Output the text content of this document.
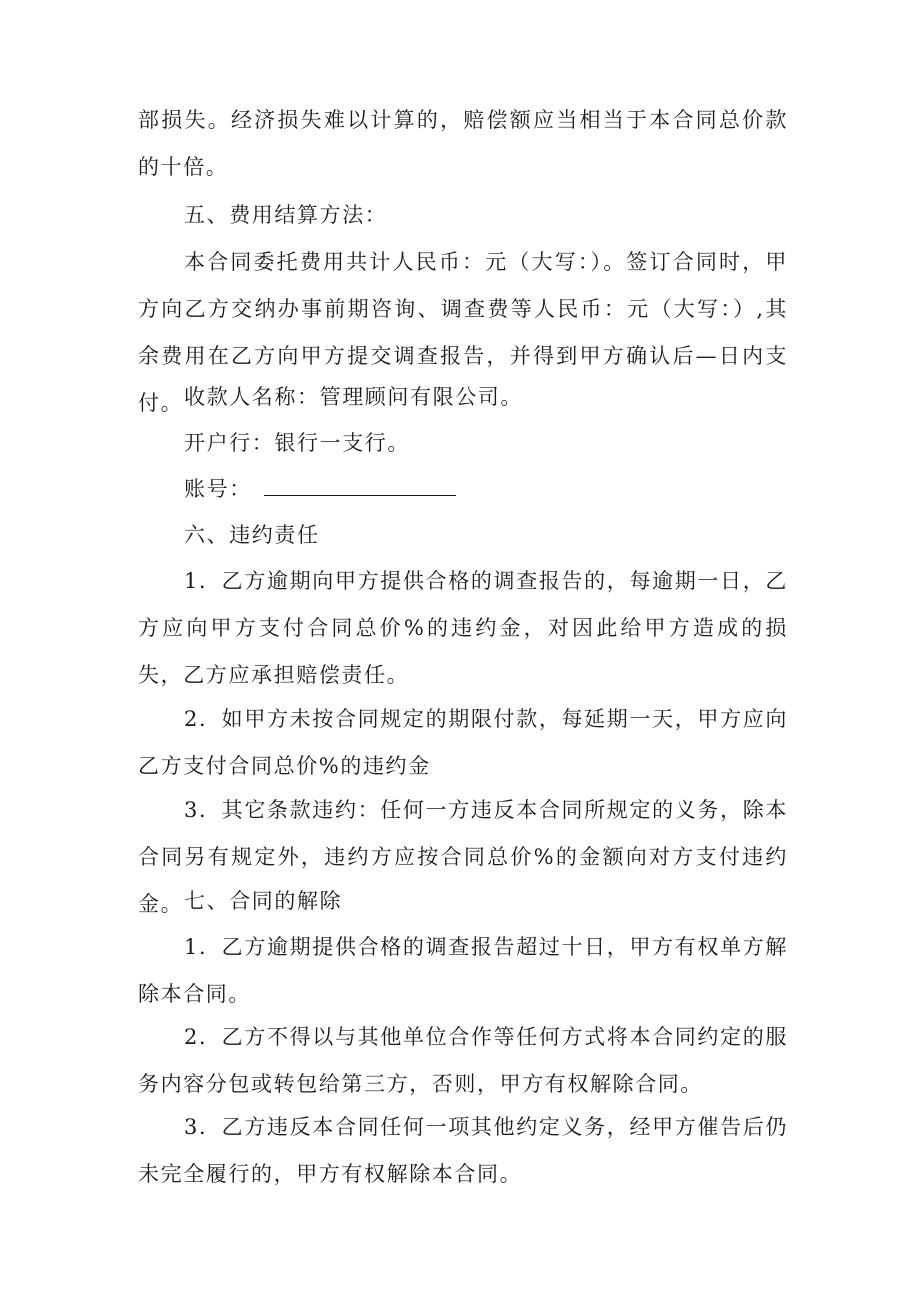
部损失。经济损失难以计算的，赔偿额应当相当于本合同总价款的十倍。

五、费用结算方法：

本合同委托费用共计人民币：元（大写：）。签订合同时，甲方向乙方交纳办事前期咨询、调查费等人民币：元（大写：）,其余费用在乙方向甲方提交调查报告，并得到甲方确认后—日内支付。 收款人名称：管理顾问有限公司。

开户行：银行一支行。

账号：

六、违约责任

1．乙方逾期向甲方提供合格的调查报告的，每逾期一日，乙方应向甲方支付合同总价%的违约金，对因此给甲方造成的损失，乙方应承担赔偿责任。

2．如甲方未按合同规定的期限付款，每延期一天，甲方应向乙方支付合同总价%的违约金

3．其它条款违约：任何一方违反本合同所规定的义务，除本合同另有规定外，违约方应按合同总价%的金额向对方支付违约金。 七、合同的解除

1．乙方逾期提供合格的调查报告超过十日，甲方有权单方解除本合同。

2．乙方不得以与其他单位合作等任何方式将本合同约定的服务内容分包或转包给第三方，否则，甲方有权解除合同。

3．乙方违反本合同任何一项其他约定义务，经甲方催告后仍未完全履行的，甲方有权解除本合同。
